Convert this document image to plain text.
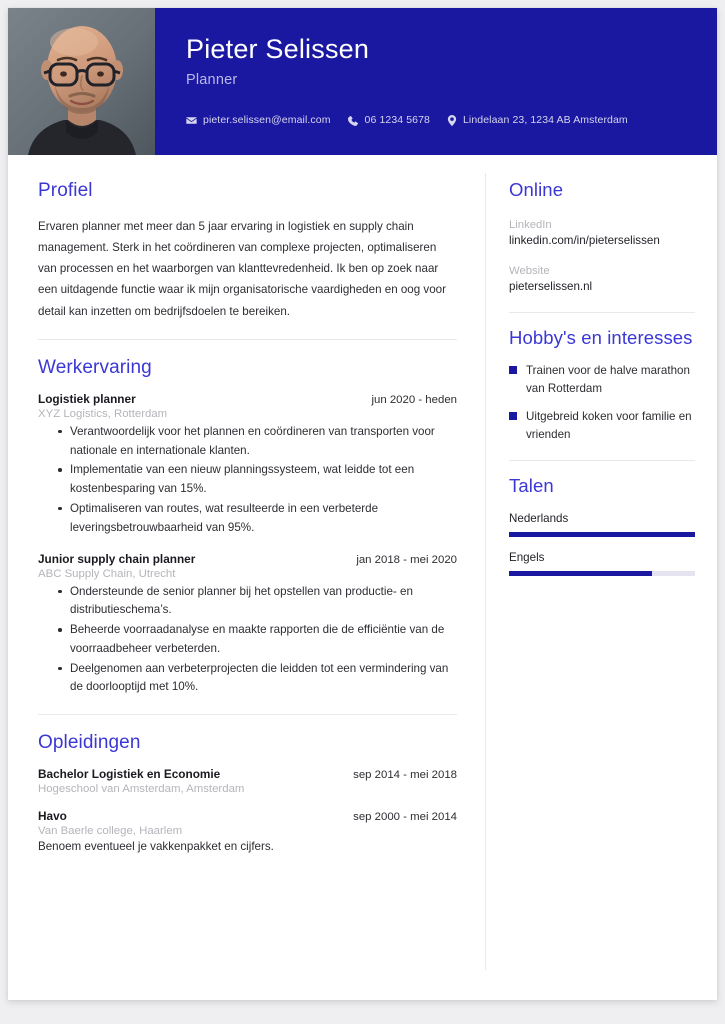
Pieter Selissen
Planner
pieter.selissen@email.com	06 1234 5678	Lindelaan 23, 1234 AB Amsterdam
Profiel

Ervaren planner met meer dan 5 jaar ervaring in logistiek en supply chain management. Sterk in het coördineren van complexe projecten, optimaliseren van processen en het waarborgen van klanttevredenheid. Ik ben op zoek naar een uitdagende functie waar ik mijn organisatorische vaardigheden en oog voor detail kan inzetten om bedrijfsdoelen te bereiken.

Werkervaring
Logistiek planner	jun 2020 - heden
XYZ Logistics, Rotterdam
Verantwoordelijk voor het plannen en coördineren van transporten voor nationale en internationale klanten.
Implementatie van een nieuw planningssysteem, wat leidde tot een kostenbesparing van 15%.
Optimaliseren van routes, wat resulteerde in een verbeterde leveringsbetrouwbaarheid van 95%.
Junior supply chain planner	jan 2018 - mei 2020
ABC Supply Chain, Utrecht
Ondersteunde de senior planner bij het opstellen van productie- en distributieschema’s.
Beheerde voorraadanalyse en maakte rapporten die de efficiëntie van de voorraadbeheer verbeterden.
Deelgenomen aan verbeterprojecten die leidden tot een vermindering van de doorlooptijd met 10%.
Opleidingen
Bachelor Logistiek en Economie	sep 2014 - mei 2018
Hogeschool van Amsterdam, Amsterdam
Havo	sep 2000 - mei 2014
Van Baerle college, Haarlem
Benoem eventueel je vakkenpakket en cijfers.
Online
LinkedIn
linkedin.com/in/pieterselissen
Website
pieterselissen.nl
Hobby's en interesses
Trainen voor de halve marathon van Rotterdam
Uitgebreid koken voor familie en vrienden
Talen
Nederlands
Engels
